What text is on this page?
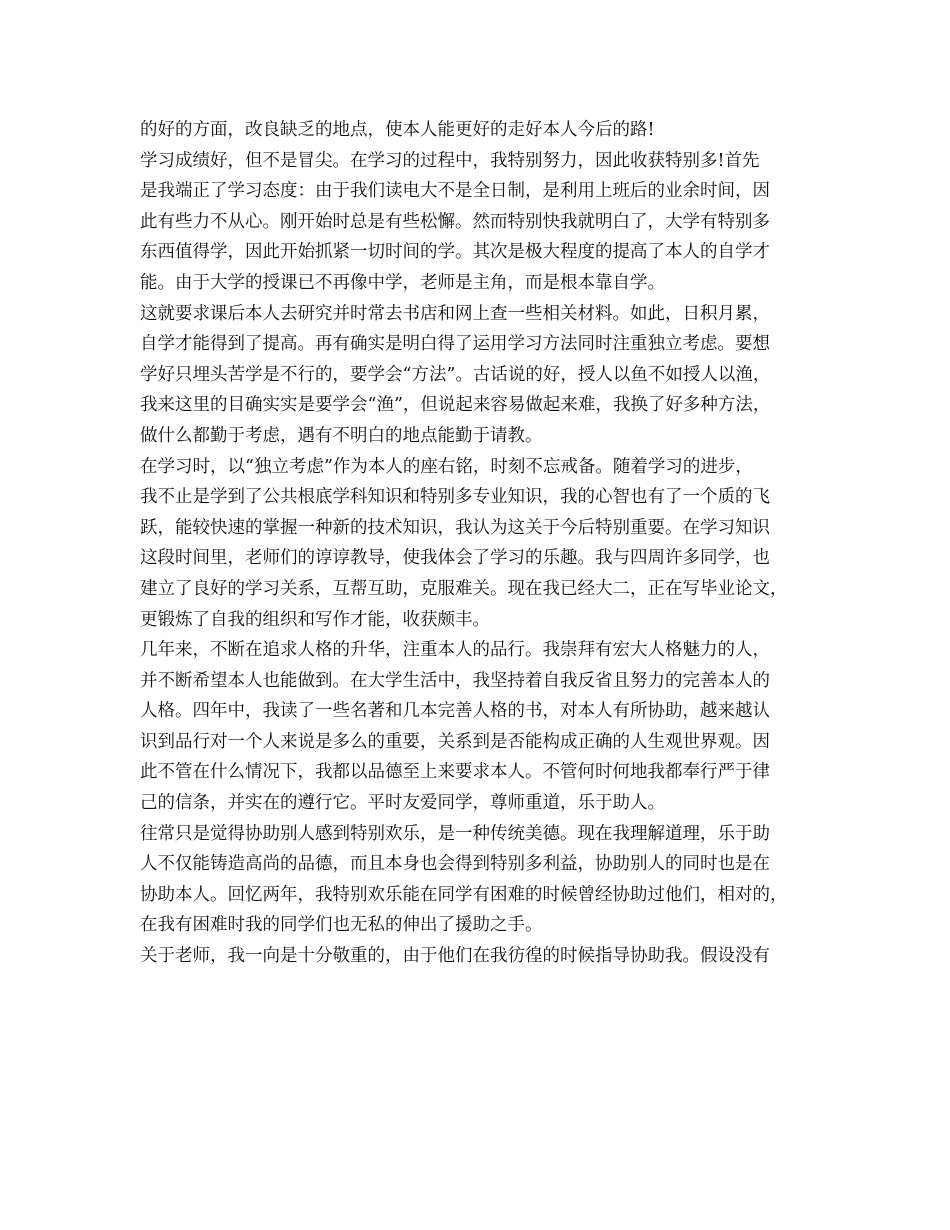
的好的方面，改良缺乏的地点，使本人能更好的走好本人今后的路!
学习成绩好，但不是冒尖。在学习的过程中，我特别努力，因此收获特别多!首先
是我端正了学习态度：由于我们读电大不是全日制，是利用上班后的业余时间，因
此有些力不从心。刚开始时总是有些松懈。然而特别快我就明白了，大学有特别多
东西值得学，因此开始抓紧一切时间的学。其次是极大程度的提高了本人的自学才
能。由于大学的授课已不再像中学，老师是主角，而是根本靠自学。
这就要求课后本人去研究并时常去书店和网上查一些相关材料。如此，日积月累，
自学才能得到了提高。再有确实是明白得了运用学习方法同时注重独立考虑。要想
学好只埋头苦学是不行的，要学会“方法”。古话说的好，授人以鱼不如授人以渔，
我来这里的目确实实是要学会“渔”，但说起来容易做起来难，我换了好多种方法，
做什么都勤于考虑，遇有不明白的地点能勤于请教。
在学习时，以“独立考虑”作为本人的座右铭，时刻不忘戒备。随着学习的进步，
我不止是学到了公共根底学科知识和特别多专业知识，我的心智也有了一个质的飞
跃，能较快速的掌握一种新的技术知识，我认为这关于今后特别重要。在学习知识
这段时间里，老师们的谆谆教导，使我体会了学习的乐趣。我与四周许多同学，也
建立了良好的学习关系，互帮互助，克服难关。现在我已经大二，正在写毕业论文，
更锻炼了自我的组织和写作才能，收获颇丰。
几年来，不断在追求人格的升华，注重本人的品行。我崇拜有宏大人格魅力的人，
并不断希望本人也能做到。在大学生活中，我坚持着自我反省且努力的完善本人的
人格。四年中，我读了一些名著和几本完善人格的书，对本人有所协助，越来越认
识到品行对一个人来说是多么的重要，关系到是否能构成正确的人生观世界观。因
此不管在什么情况下，我都以品德至上来要求本人。不管何时何地我都奉行严于律
己的信条，并实在的遵行它。平时友爱同学，尊师重道，乐于助人。
往常只是觉得协助别人感到特别欢乐，是一种传统美德。现在我理解道理，乐于助
人不仅能铸造高尚的品德，而且本身也会得到特别多利益，协助别人的同时也是在
协助本人。回忆两年，我特别欢乐能在同学有困难的时候曾经协助过他们，相对的，
在我有困难时我的同学们也无私的伸出了援助之手。
关于老师，我一向是十分敬重的，由于他们在我彷徨的时候指导协助我。假设没有
